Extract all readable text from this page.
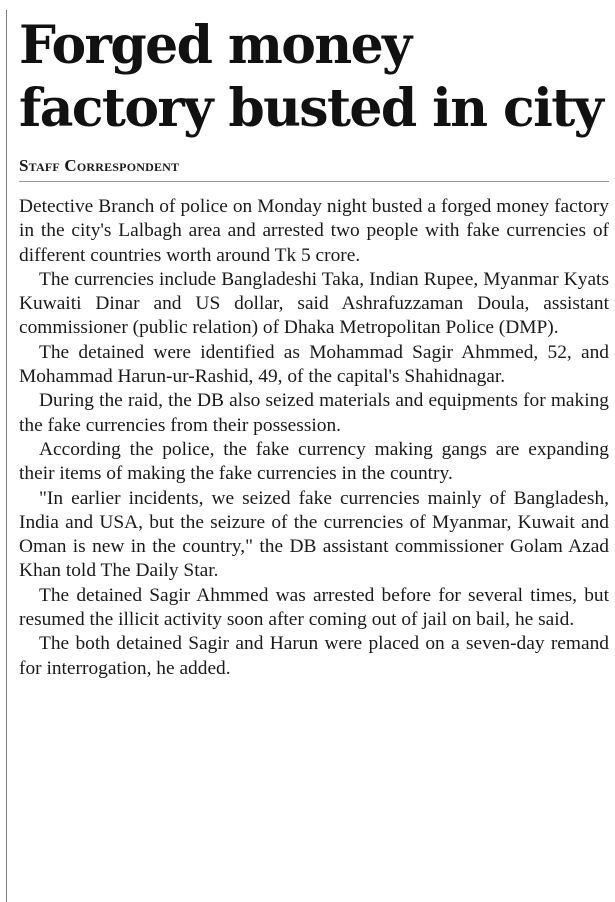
Forged money factory busted in city
Staff Correspondent

Detective Branch of police on Monday night busted a forged money factory in the city's Lalbagh area and arrested two people with fake currencies of different countries worth around Tk 5 crore.

The currencies include Bangladeshi Taka, Indian Rupee, Myanmar Kyats Kuwaiti Dinar and US dollar, said Ashrafuzzaman Doula, assistant commissioner (public relation) of Dhaka Metropolitan Police (DMP).

The detained were identified as Mohammad Sagir Ahmmed, 52, and Mohammad Harun-ur-Rashid, 49, of the capital's Shahidnagar.

During the raid, the DB also seized materials and equipments for making the fake currencies from their possession.

According the police, the fake currency making gangs are expanding their items of making the fake currencies in the country.

"In earlier incidents, we seized fake currencies mainly of Bangladesh, India and USA, but the seizure of the currencies of Myanmar, Kuwait and Oman is new in the country," the DB assistant commissioner Golam Azad Khan told The Daily Star.

The detained Sagir Ahmmed was arrested before for several times, but resumed the illicit activity soon after coming out of jail on bail, he said.

The both detained Sagir and Harun were placed on a seven-day remand for interrogation, he added.
